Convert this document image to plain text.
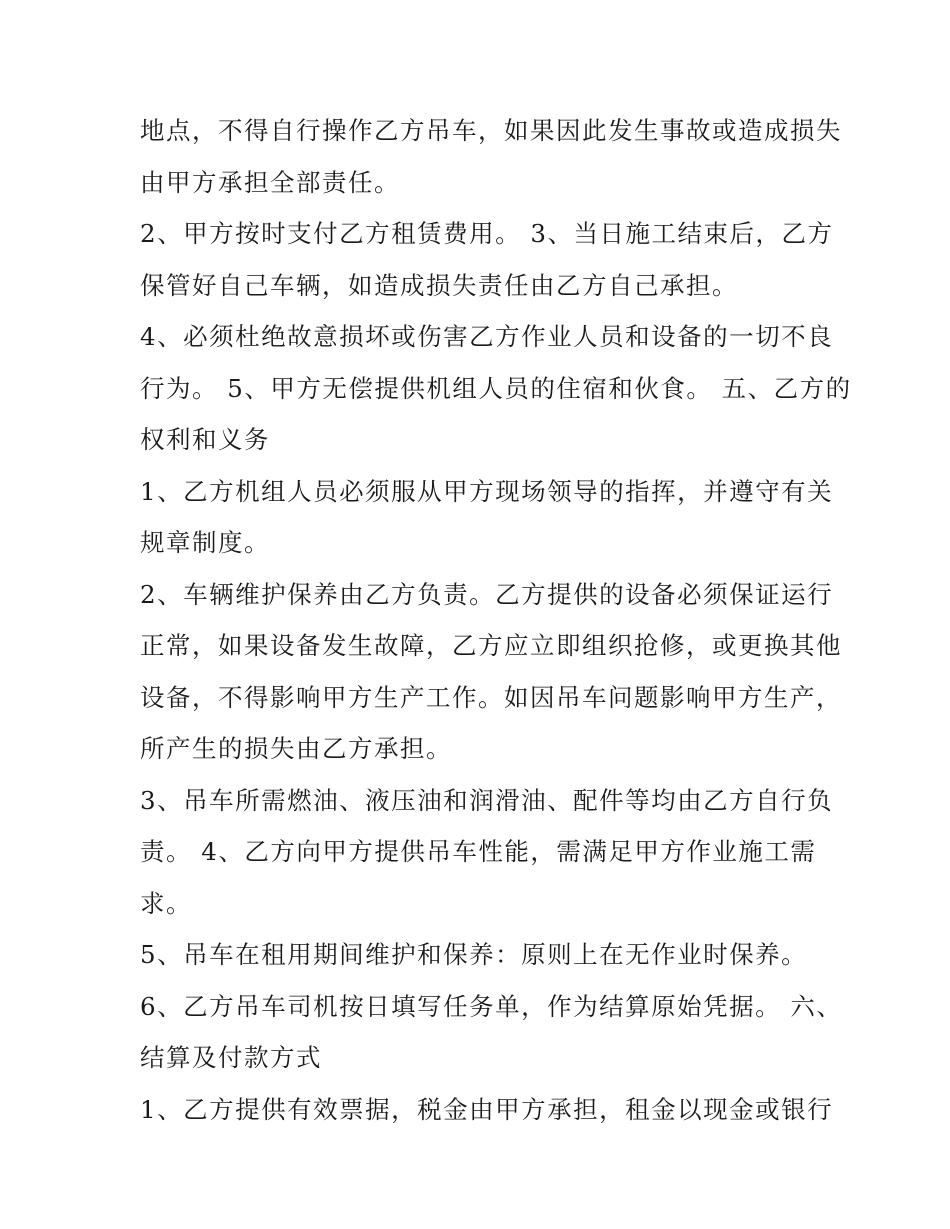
地点，不得自行操作乙方吊车，如果因此发生事故或造成损失
由甲方承担全部责任。
2、甲方按时支付乙方租赁费用。 3、当日施工结束后，乙方
保管好自己车辆，如造成损失责任由乙方自己承担。
4、必须杜绝故意损坏或伤害乙方作业人员和设备的一切不良
行为。 5、甲方无偿提供机组人员的住宿和伙食。 五、乙方的
权利和义务
1、乙方机组人员必须服从甲方现场领导的指挥，并遵守有关
规章制度。
2、车辆维护保养由乙方负责。乙方提供的设备必须保证运行
正常，如果设备发生故障，乙方应立即组织抢修，或更换其他
设备，不得影响甲方生产工作。如因吊车问题影响甲方生产，
所产生的损失由乙方承担。
3、吊车所需燃油、液压油和润滑油、配件等均由乙方自行负
责。 4、乙方向甲方提供吊车性能，需满足甲方作业施工需
求。
5、吊车在租用期间维护和保养：原则上在无作业时保养。
6、乙方吊车司机按日填写任务单，作为结算原始凭据。 六、
结算及付款方式
1、乙方提供有效票据，税金由甲方承担，租金以现金或银行
